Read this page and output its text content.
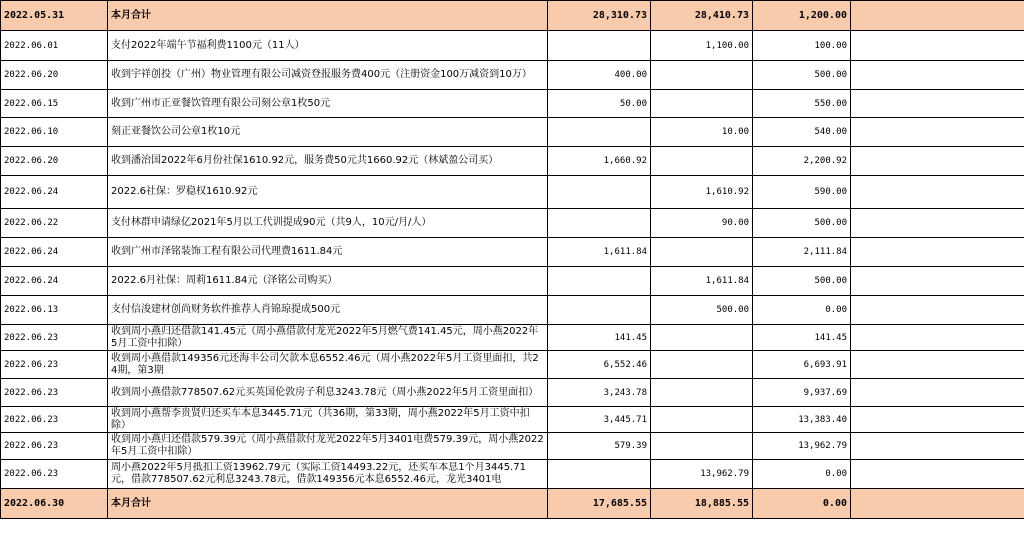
2022.05.31	本月合计	28,310.73	28,410.73	1,200.00	
2022.06.01	支付2022年端午节福利费1100元（11人）		1,100.00	100.00	
2022.06.20	收到宇祥创投（广州）物业管理有限公司减资登报服务费400元（注册资金100万减资到10万）	400.00		500.00	
2022.06.15	收到广州市正亚餐饮管理有限公司刻公章1枚50元	50.00		550.00	
2022.06.10	刻正亚餐饮公司公章1枚10元		10.00	540.00	
2022.06.20	收到潘治国2022年6月份社保1610.92元，服务费50元共1660.92元（林斌盈公司买）	1,660.92		2,200.92	
2022.06.24	2022.6社保：罗稳权1610.92元		1,610.92	590.00	
2022.06.22	支付林群申请绿亿2021年5月以工代训提成90元（共9人，10元/月/人）		90.00	500.00	
2022.06.24	收到广州市泽铭装饰工程有限公司代理费1611.84元	1,611.84		2,111.84	
2022.06.24	2022.6月社保：周莉1611.84元（泽铭公司购买）		1,611.84	500.00	
2022.06.13	支付信浚建材创尚财务软件推荐人肖锦琼提成500元		500.00	0.00	
2022.06.23	收到周小燕归还借款141.45元（周小燕借款付龙光2022年5月燃气费141.45元，周小燕2022年5月工资中扣除）	141.45		141.45	
2022.06.23	收到周小燕借款149356元还海丰公司欠款本息6552.46元（周小燕2022年5月工资里面扣，共24期，第3期	6,552.46		6,693.91	
2022.06.23	收到周小燕借款778507.62元买英国伦敦房子利息3243.78元（周小燕2022年5月工资里面扣）	3,243.78		9,937.69	
2022.06.23	收到周小燕帮李贵贤归还买车本息3445.71元（共36期，第33期，周小燕2022年5月工资中扣除）	3,445.71		13,383.40	
2022.06.23	收到周小燕归还借款579.39元（周小燕借款付龙光2022年5月3401电费579.39元，周小燕2022年5月工资中扣除）	579.39		13,962.79	
2022.06.23	周小燕2022年5月抵扣工资13962.79元（实际工资14493.22元，还买车本息1个月3445.71元，借款778507.62元利息3243.78元，借款149356元本息6552.46元，龙光3401电		13,962.79	0.00	
2022.06.30	本月合计	17,685.55	18,885.55	0.00	
